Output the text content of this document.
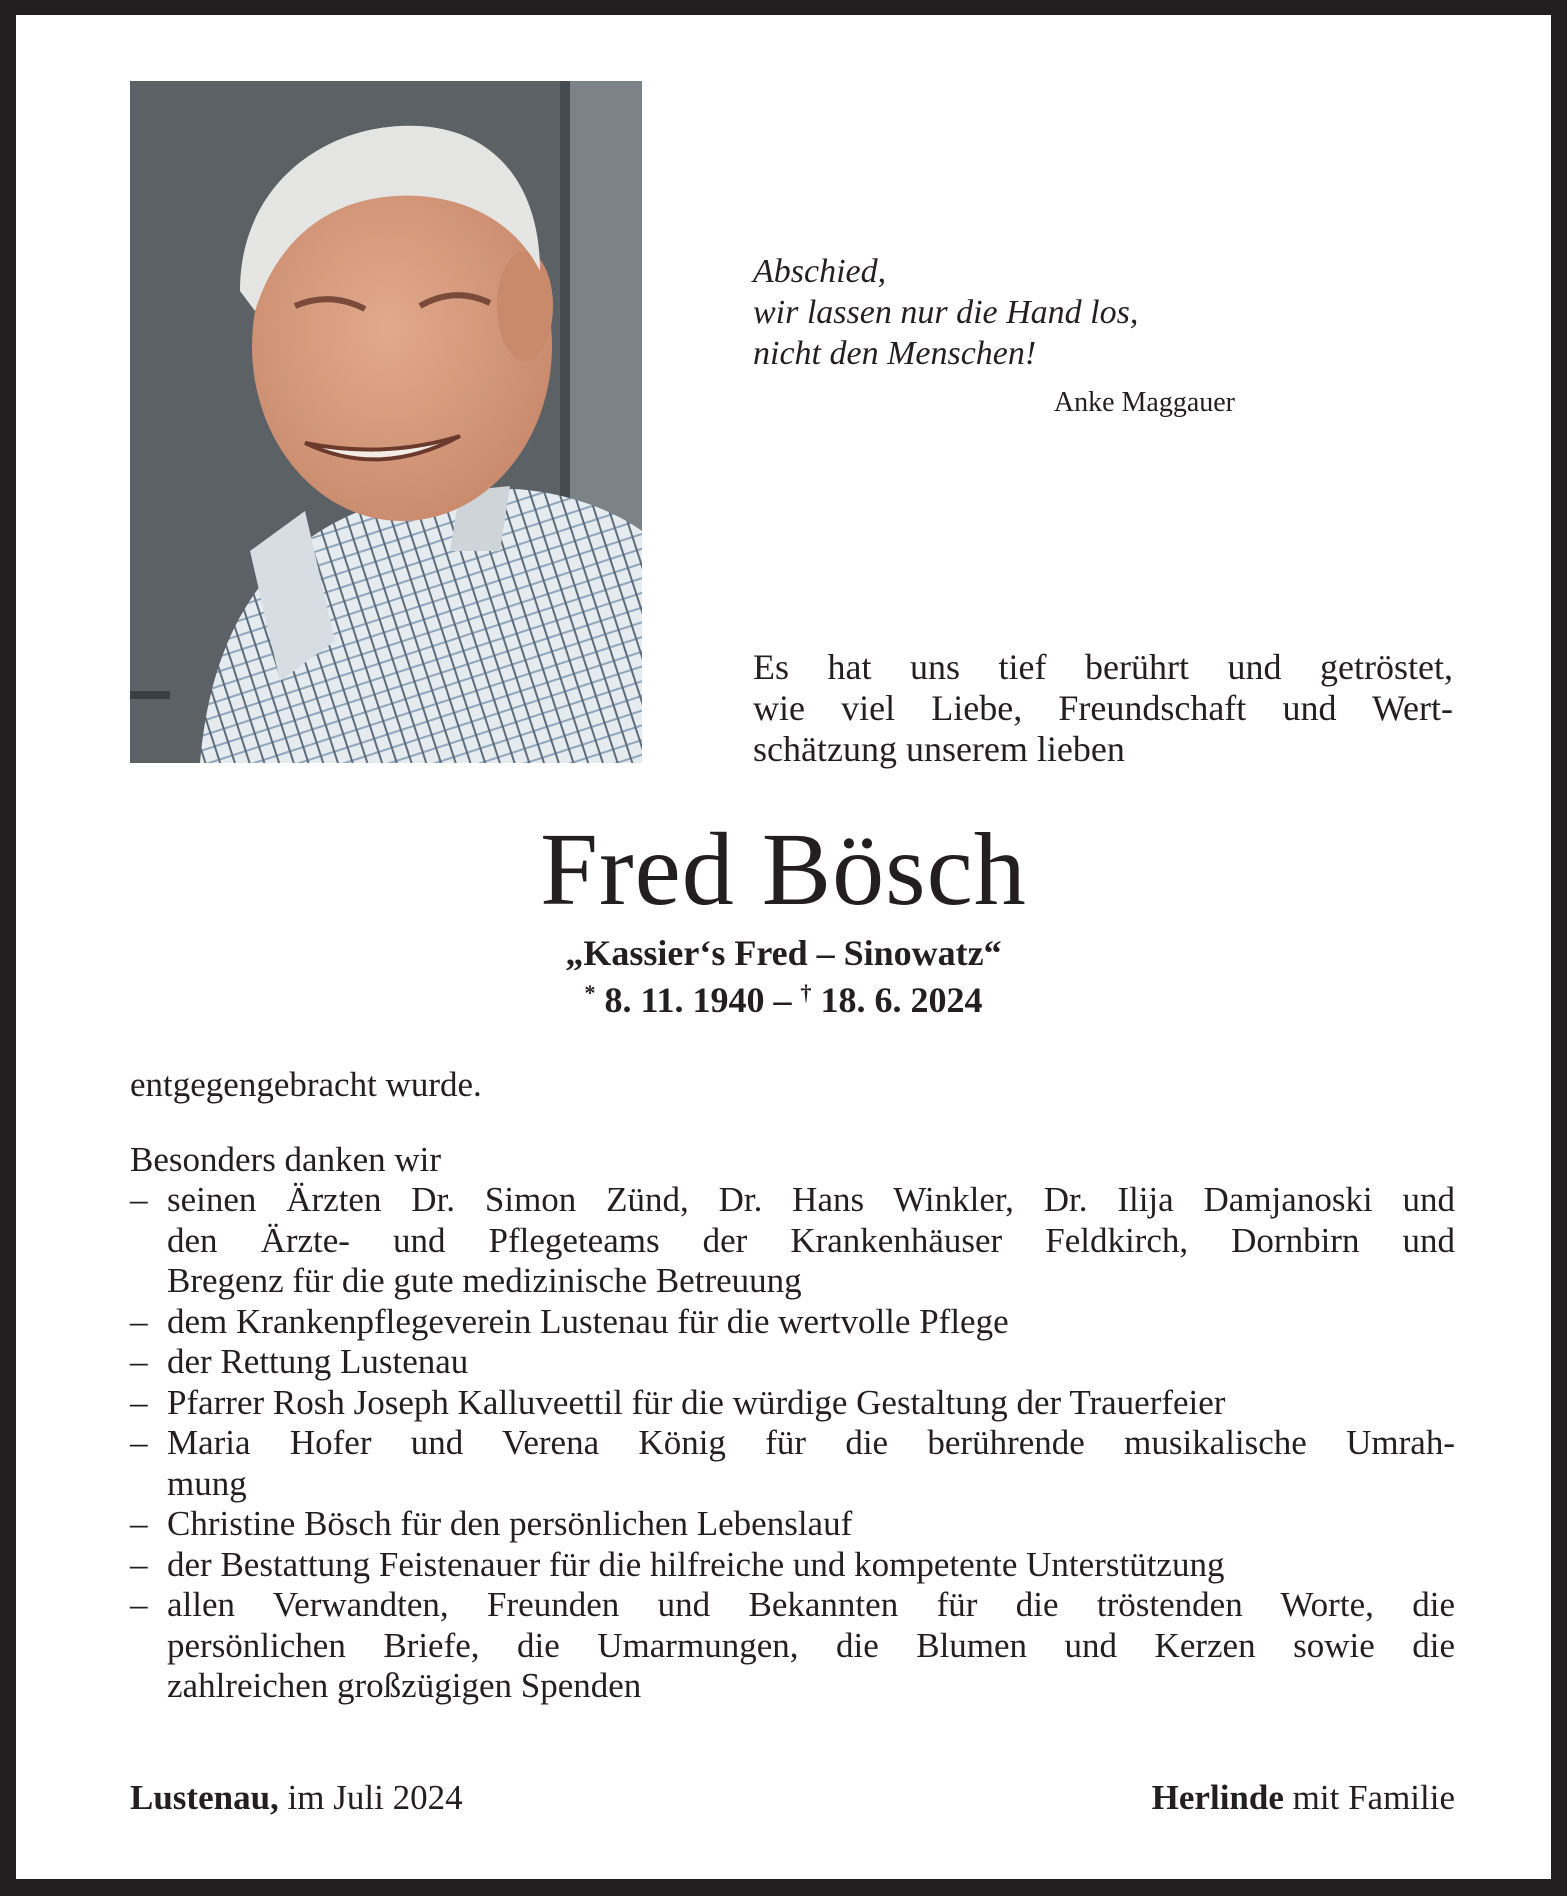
Abschied,
wir lassen nur die Hand los,
nicht den Menschen!
Anke Maggauer
Es hat uns tief berührt und getröstet,
wie viel Liebe, Freundschaft und Wert-
schätzung unserem lieben
Fred Bösch
„Kassier‘s Fred – Sinowatz“
* 8. 11. 1940 – † 18. 6. 2024

entgegengebracht wurde.

Besonders danken wir

– seinen Ärzten Dr. Simon Zünd, Dr. Hans Winkler, Dr. Ilija Damjanoski und
den Ärzte- und Pflegeteams der Krankenhäuser Feldkirch, Dornbirn und
Bregenz für die gute medizinische Betreuung
– dem Krankenpflegeverein Lustenau für die wertvolle Pflege
– der Rettung Lustenau
– Pfarrer Rosh Joseph Kalluveettil für die würdige Gestaltung der Trauerfeier
– Maria Hofer und Verena König für die berührende musikalische Umrah-
mung
– Christine Bösch für den persönlichen Lebenslauf
– der Bestattung Feistenauer für die hilfreiche und kompetente Unterstützung
– allen Verwandten, Freunden und Bekannten für die tröstenden Worte, die
persönlichen Briefe, die Umarmungen, die Blumen und Kerzen sowie die
zahlreichen großzügigen Spenden
Lustenau, im Juli 2024	Herlinde mit Familie
